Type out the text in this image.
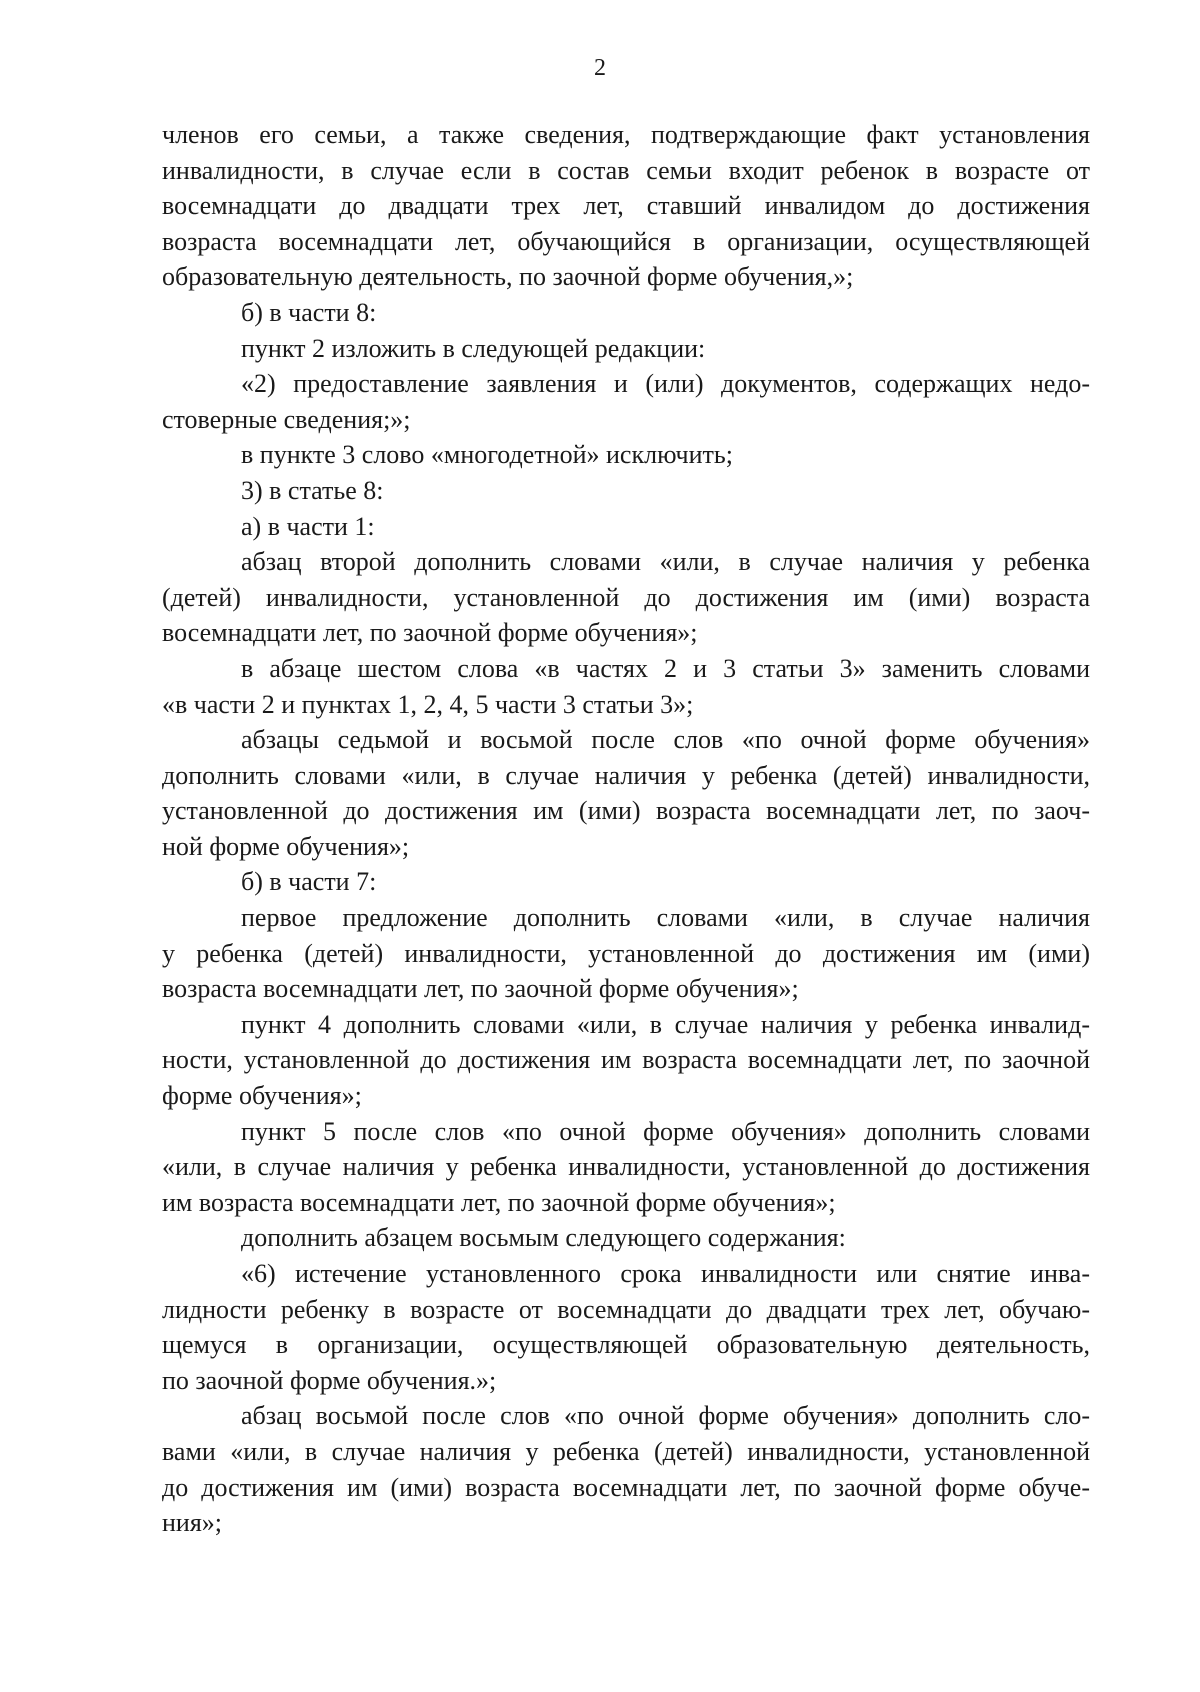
2
членов его семьи, а также сведения, подтверждающие факт установления
инвалидности, в случае если в состав семьи входит ребенок в возрасте от
восемнадцати до двадцати трех лет, ставший инвалидом до достижения
возраста восемнадцати лет, обучающийся в организации, осуществляющей
образовательную деятельность, по заочной форме обучения,»;
б) в части 8:
пункт 2 изложить в следующей редакции:
«2) предоставление заявления и (или) документов, содержащих недо-
стоверные сведения;»;
в пункте 3 слово «многодетной» исключить;
3) в статье 8:
а) в части 1:
абзац второй дополнить словами «или, в случае наличия у ребенка
(детей) инвалидности, установленной до достижения им (ими) возраста
восемнадцати лет, по заочной форме обучения»;
в абзаце шестом слова «в частях 2 и 3 статьи 3» заменить словами
«в части 2 и пунктах 1, 2, 4, 5 части 3 статьи 3»;
абзацы седьмой и восьмой после слов «по очной форме обучения»
дополнить словами «или, в случае наличия у ребенка (детей) инвалидности,
установленной до достижения им (ими) возраста восемнадцати лет, по заоч-
ной форме обучения»;
б) в части 7:
первое предложение дополнить словами «или, в случае наличия
у ребенка (детей) инвалидности, установленной до достижения им (ими)
возраста восемнадцати лет, по заочной форме обучения»;
пункт 4 дополнить словами «или, в случае наличия у ребенка инвалид-
ности, установленной до достижения им возраста восемнадцати лет, по заочной
форме обучения»;
пункт 5 после слов «по очной форме обучения» дополнить словами
«или, в случае наличия у ребенка инвалидности, установленной до достижения
им возраста восемнадцати лет, по заочной форме обучения»;
дополнить абзацем восьмым следующего содержания:
«6) истечение установленного срока инвалидности или снятие инва-
лидности ребенку в возрасте от восемнадцати до двадцати трех лет, обучаю-
щемуся в организации, осуществляющей образовательную деятельность,
по заочной форме обучения.»;
абзац восьмой после слов «по очной форме обучения» дополнить сло-
вами «или, в случае наличия у ребенка (детей) инвалидности, установленной
до достижения им (ими) возраста восемнадцати лет, по заочной форме обуче-
ния»;
